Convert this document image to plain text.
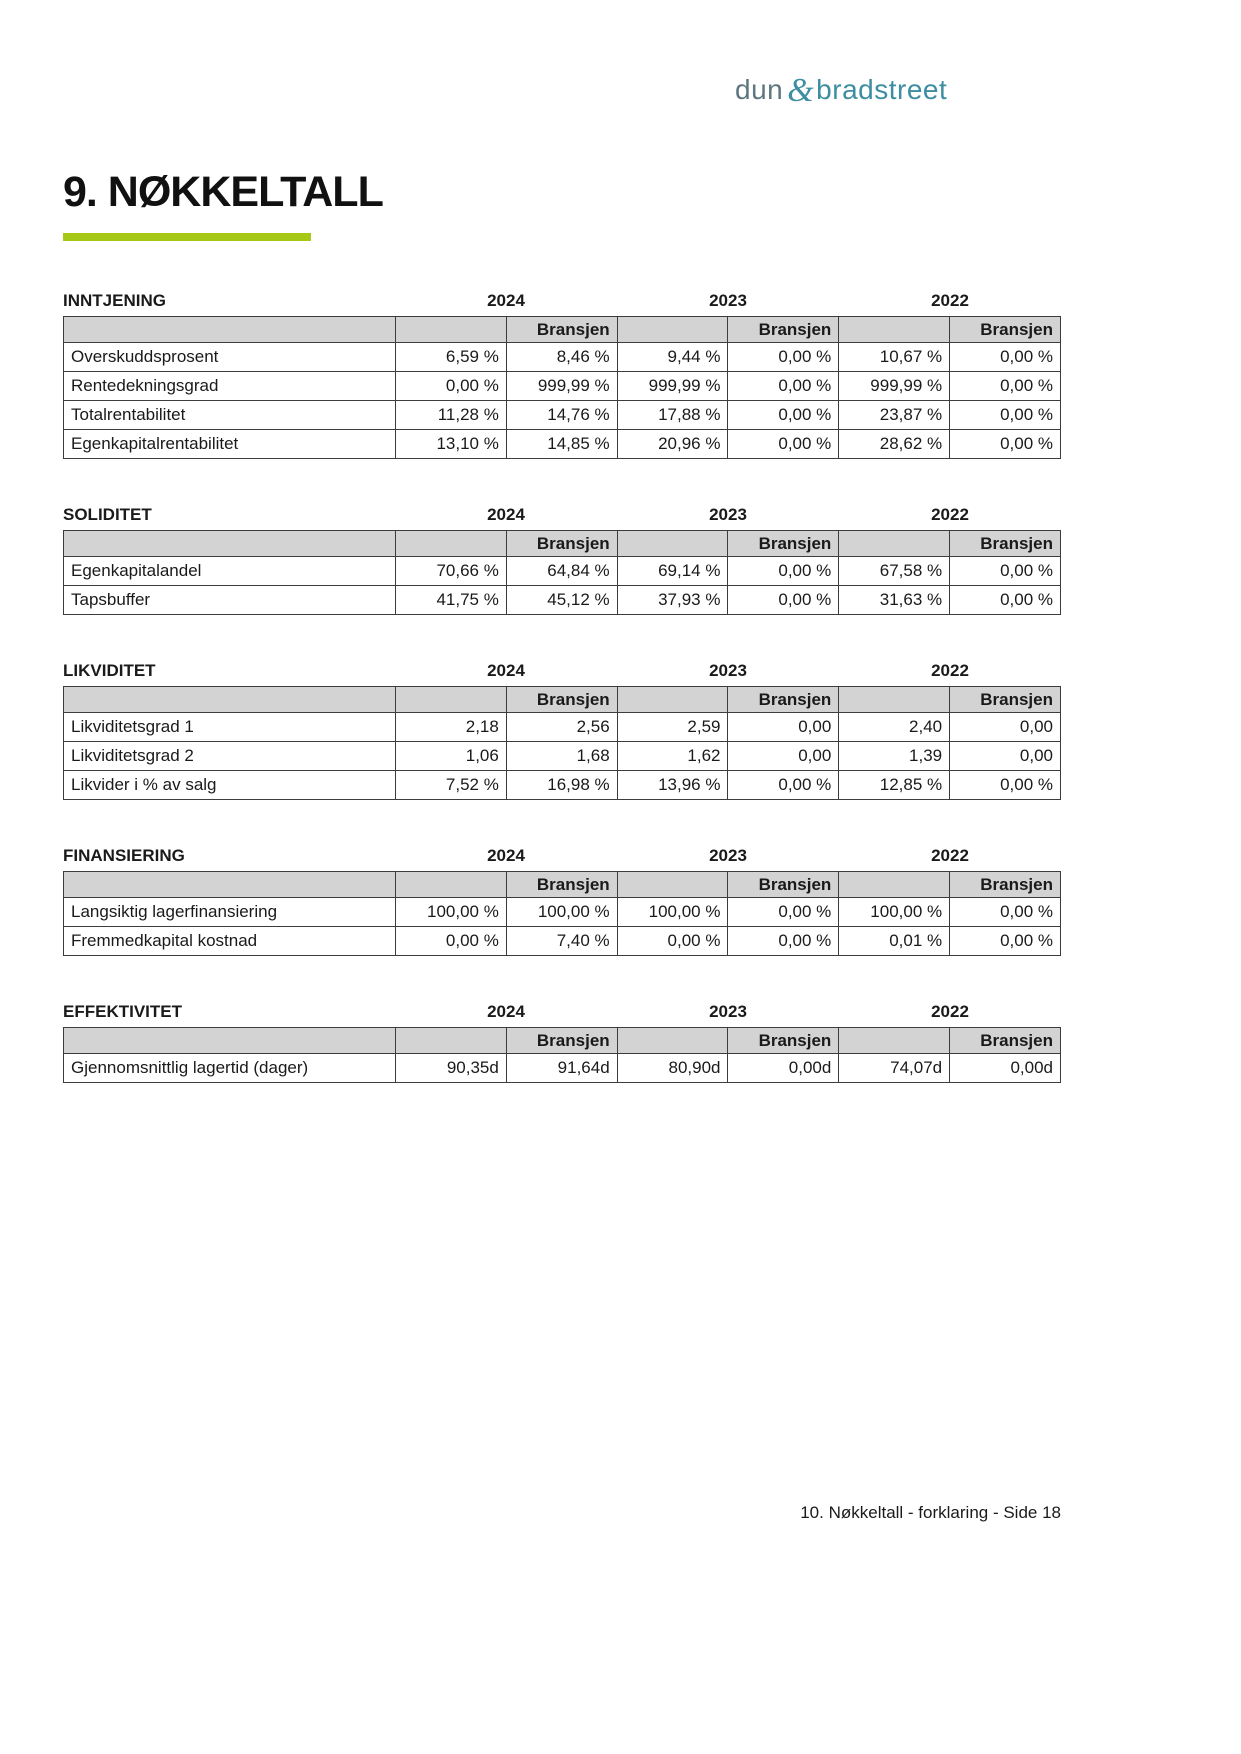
dun & bradstreet
9. NØKKELTALL
INNTJENING	2024	2023	2022
		Bransjen		Bransjen		Bransjen
Overskuddsprosent	6,59 %	8,46 %	9,44 %	0,00 %	10,67 %	0,00 %
Rentedekningsgrad	0,00 %	999,99 %	999,99 %	0,00 %	999,99 %	0,00 %
Totalrentabilitet	11,28 %	14,76 %	17,88 %	0,00 %	23,87 %	0,00 %
Egenkapitalrentabilitet	13,10 %	14,85 %	20,96 %	0,00 %	28,62 %	0,00 %
SOLIDITET	2024	2023	2022
		Bransjen		Bransjen		Bransjen
Egenkapitalandel	70,66 %	64,84 %	69,14 %	0,00 %	67,58 %	0,00 %
Tapsbuffer	41,75 %	45,12 %	37,93 %	0,00 %	31,63 %	0,00 %
LIKVIDITET	2024	2023	2022
		Bransjen		Bransjen		Bransjen
Likviditetsgrad 1	2,18	2,56	2,59	0,00	2,40	0,00
Likviditetsgrad 2	1,06	1,68	1,62	0,00	1,39	0,00
Likvider i % av salg	7,52 %	16,98 %	13,96 %	0,00 %	12,85 %	0,00 %
FINANSIERING	2024	2023	2022
		Bransjen		Bransjen		Bransjen
Langsiktig lagerfinansiering	100,00 %	100,00 %	100,00 %	0,00 %	100,00 %	0,00 %
Fremmedkapital kostnad	0,00 %	7,40 %	0,00 %	0,00 %	0,01 %	0,00 %
EFFEKTIVITET	2024	2023	2022
		Bransjen		Bransjen		Bransjen
Gjennomsnittlig lagertid (dager)	90,35d	91,64d	80,90d	0,00d	74,07d	0,00d
10. Nøkkeltall - forklaring - Side 18
